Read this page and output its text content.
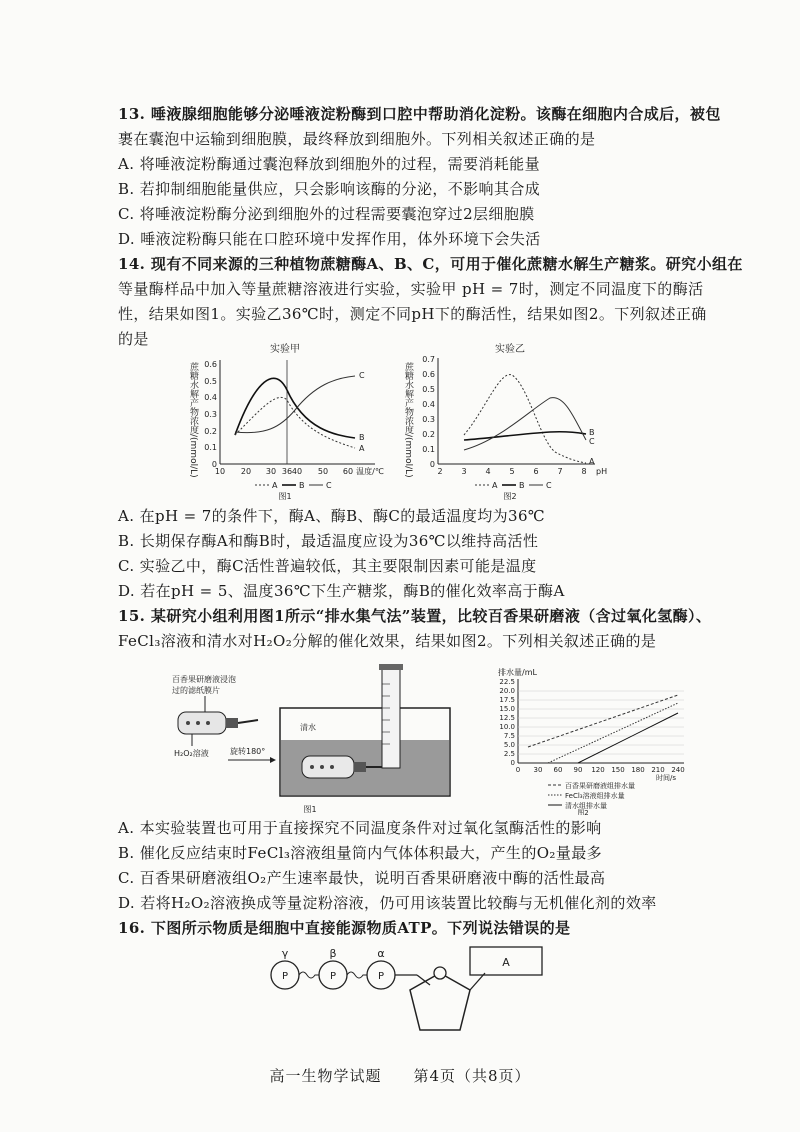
13. 唾液腺细胞能够分泌唾液淀粉酶到口腔中帮助消化淀粉。该酶在细胞内合成后，被包
裹在囊泡中运输到细胞膜，最终释放到细胞外。下列相关叙述正确的是
A. 将唾液淀粉酶通过囊泡释放到细胞外的过程，需要消耗能量
B. 若抑制细胞能量供应，只会影响该酶的分泌，不影响其合成
C. 将唾液淀粉酶分泌到细胞外的过程需要囊泡穿过2层细胞膜
D. 唾液淀粉酶只能在口腔环境中发挥作用，体外环境下会失活
14. 现有不同来源的三种植物蔗糖酶A、B、C，可用于催化蔗糖水解生产糖浆。研究小组在
等量酶样品中加入等量蔗糖溶液进行实验，实验甲 pH = 7时，测定不同温度下的酶活
性，结果如图1。实验乙36℃时，测定不同pH下的酶活性，结果如图2。下列叙述正确
的是
实验甲
蔗糖水解产物浓度/(mmol/L) 0
0.1
0.2
0.3
0.4
0.5
0.6
10 20 30 36 40 50 60 温度/℃
C
B
A
A	B	C
图1
实验乙
蔗糖水解产物浓度/(mmol/L) 0
0.1
0.2
0.3
0.4
0.5
0.6
0.7
2 3 4 5 6 7 8 pH
B
C
A
A	B	C
图2
A. 在pH = 7的条件下，酶A、酶B、酶C的最适温度均为36℃
B. 长期保存酶A和酶B时，最适温度应设为36℃以维持高活性
C. 实验乙中，酶C活性普遍较低，其主要限制因素可能是温度
D. 若在pH = 5、温度36℃下生产糖浆，酶B的催化效率高于酶A
15. 某研究小组利用图1所示“排水集气法”装置，比较百香果研磨液（含过氧化氢酶）、
FeCl₃溶液和清水对H₂O₂分解的催化效果，结果如图2。下列相关叙述正确的是
百香果研磨液浸泡
过的滤纸膜片
H₂O₂溶液	旋转180°
清水
图1
排水量/mL
0
2.5
5.0
7.5
10.0
12.5
15.0
17.5
20.0
22.5
0 30 60 90 120 150 180 210 240
时间/s
百香果研磨液组排水量
FeCl₃溶液组排水量
清水组排水量
图2
A. 本实验装置也可用于直接探究不同温度条件对过氧化氢酶活性的影响
B. 催化反应结束时FeCl₃溶液组量筒内气体体积最大，产生的O₂量最多
C. 百香果研磨液组O₂产生速率最快，说明百香果研磨液中酶的活性最高
D. 若将H₂O₂溶液换成等量淀粉溶液，仍可用该装置比较酶与无机催化剂的效率
16. 下图所示物质是细胞中直接能源物质ATP。下列说法错误的是
γ	β	α
P	P	P
A
高一生物学试题　　第4页（共8页）
